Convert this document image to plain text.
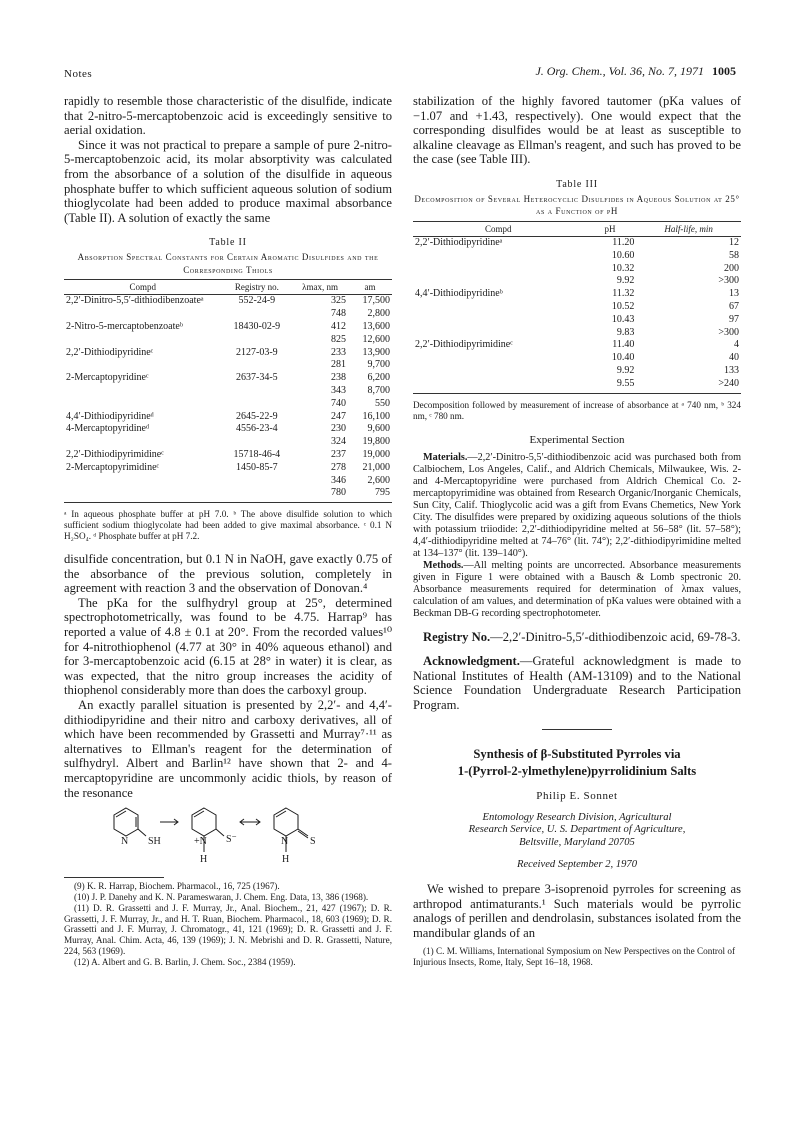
Notes	J. Org. Chem., Vol. 36, No. 7, 1971 1005

rapidly to resemble those characteristic of the disulfide, indicate that 2-nitro-5-mercaptobenzoic acid is exceedingly sensitive to aerial oxidation.

Since it was not practical to prepare a sample of pure 2-nitro-5-mercaptobenzoic acid, its molar absorptivity was calculated from the absorbance of a solution of the disulfide in aqueous phosphate buffer to which sufficient aqueous solution of sodium thioglycolate had been added to produce maximal absorbance (Table II). A solution of exactly the same

Table II
Absorption Spectral Constants for Certain Aromatic Disulfides and the Corresponding Thiols
Compd	Registry no.	λmax, nm	am
2,2′-Dinitro-5,5′-dithiodibenzoateᵃ	552-24-9	325	17,500
		748	2,800
2-Nitro-5-mercaptobenzoateᵇ	18430-02-9	412	13,600
		825	12,600
2,2′-Dithiodipyridineᶜ	2127-03-9	233	13,900
		281	9,700
2-Mercaptopyridineᶜ	2637-34-5	238	6,200
		343	8,700
		740	550
4,4′-Dithiodipyridineᵈ	2645-22-9	247	16,100
4-Mercaptopyridineᵈ	4556-23-4	230	9,600
		324	19,800
2,2′-Dithiodipyrimidineᶜ	15718-46-4	237	19,000
2-Mercaptopyrimidineᶜ	1450-85-7	278	21,000
		346	2,600
		780	795
ᵃ In aqueous phosphate buffer at pH 7.0. ᵇ The above disulfide solution to which sufficient sodium thioglycolate had been added to give maximal absorbance. ᶜ 0.1 N H₂SO₄. ᵈ Phosphate buffer at pH 7.2.

disulfide concentration, but 0.1 N in NaOH, gave exactly 0.75 of the absorbance of the previous solution, completely in agreement with reaction 3 and the observation of Donovan.⁴

The pKa for the sulfhydryl group at 25°, determined spectrophotometrically, was found to be 4.75. Harrap⁹ has reported a value of 4.8 ± 0.1 at 20°. From the recorded values¹⁰ for 4-nitrothiophenol (4.77 at 30° in 40% aqueous ethanol) and for 3-mercaptobenzoic acid (6.15 at 28° in water) it is clear, as was expected, that the nitro group increases the acidity of thiophenol considerably more than does the carboxyl group.

An exactly parallel situation is presented by 2,2′- and 4,4′-dithiodipyridine and their nitro and carboxy derivatives, all of which have been recommended by Grassetti and Murray⁷·¹¹ as alternatives to Ellman's reagent for the determination of sulfhydryl. Albert and Barlin¹² have shown that 2- and 4-mercaptopyridine are uncommonly acidic thiols, by reason of the resonance

N SH	+N S⁻
H
N S
H
(9) K. R. Harrap, Biochem. Pharmacol., 16, 725 (1967).
(10) J. P. Danehy and K. N. Parameswaran, J. Chem. Eng. Data, 13, 386 (1968).
(11) D. R. Grassetti and J. F. Murray, Jr., Anal. Biochem., 21, 427 (1967); D. R. Grassetti, J. F. Murray, Jr., and H. T. Ruan, Biochem. Pharmacol., 18, 603 (1969); D. R. Grassetti and J. F. Murray, J. Chromatogr., 41, 121 (1969); D. R. Grassetti and J. F. Murray, Anal. Chim. Acta, 46, 139 (1969); J. N. Mebrishi and D. R. Grassetti, Nature, 224, 563 (1969).
(12) A. Albert and G. B. Barlin, J. Chem. Soc., 2384 (1959).

stabilization of the highly favored tautomer (pKa values of −1.07 and +1.43, respectively). One would expect that the corresponding disulfides would be at least as susceptible to alkaline cleavage as Ellman's reagent, and such has proved to be the case (see Table III).

Table III
Decomposition of Several Heterocyclic Disulfides in Aqueous Solution at 25° as a Function of pH
Compd	pH	Half-life, min
2,2′-Dithiodipyridineᵃ	11.20	12
	10.60	58
	10.32	200
	9.92	>300
4,4′-Dithiodipyridineᵇ	11.32	13
	10.52	67
	10.43	97
	9.83	>300
2,2′-Dithiodipyrimidineᶜ	11.40	4
	10.40	40
	9.92	133
	9.55	>240
Decomposition followed by measurement of increase of absorbance at ᵃ 740 nm, ᵇ 324 nm, ᶜ 780 nm.
Experimental Section

Materials.—2,2′-Dinitro-5,5′-dithiodibenzoic acid was purchased both from Calbiochem, Los Angeles, Calif., and Aldrich Chemicals, Milwaukee, Wis. 2- and 4-Mercaptopyridine were purchased from Aldrich Chemical Co. 2-mercaptopyrimidine was obtained from Research Organic/Inorganic Chemicals, Sun City, Calif. Thioglycolic acid was a gift from Evans Chemetics, New York City. The disulfides were prepared by oxidizing aqueous solutions of the thiols with potassium triiodide: 2,2′-dithiodipyridine melted at 56–58° (lit. 57–58°); 4,4′-dithiodipyridine melted at 74–76° (lit. 74°); 2,2′-dithiodipyrimidine melted at 134–137° (lit. 139–140°).

Methods.—All melting points are uncorrected. Absorbance measurements given in Figure 1 were obtained with a Bausch & Lomb spectronic 20. Absorbance measurements required for determination of λmax values, calculation of am values, and determination of pKa values were obtained with a Beckman DB-G recording spectrophotometer.

Registry No.—2,2′-Dinitro-5,5′-dithiodibenzoic acid, 69-78-3.

Acknowledgment.—Grateful acknowledgment is made to National Institutes of Health (AM-13109) and to the National Science Foundation Undergraduate Research Participation Program.

Synthesis of β-Substituted Pyrroles via
1-(Pyrrol-2-ylmethylene)pyrrolidinium Salts
Philip E. Sonnet
Entomology Research Division, Agricultural
Research Service, U. S. Department of Agriculture,
Beltsville, Maryland 20705
Received September 2, 1970

We wished to prepare 3-isoprenoid pyrroles for screening as arthropod antimaturants.¹ Such materials would be pyrrolic analogs of perillen and dendrolasin, substances isolated from the mandibular glands of an

(1) C. M. Williams, International Symposium on New Perspectives on the Control of Injurious Insects, Rome, Italy, Sept 16–18, 1968.
